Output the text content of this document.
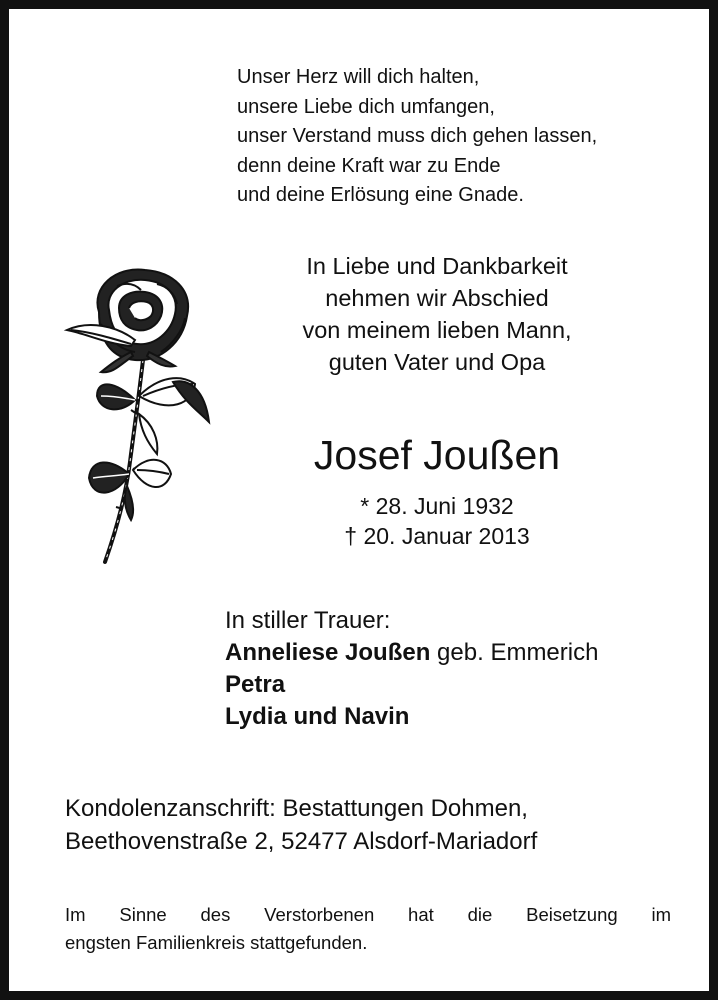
Unser Herz will dich halten,
unsere Liebe dich umfangen,
unser Verstand muss dich gehen lassen,
denn deine Kraft war zu Ende
und deine Erlösung eine Gnade.
In Liebe und Dankbarkeit
nehmen wir Abschied
von meinem lieben Mann,
guten Vater und Opa
Josef Joußen
* 28. Juni 1932
† 20. Januar 2013
In stiller Trauer:
Anneliese Joußen geb. Emmerich
Petra
Lydia und Navin
Kondolenzanschrift: Bestattungen Dohmen,
Beethovenstraße 2, 52477 Alsdorf-Mariadorf
Im Sinne des Verstorbenen hat die Beisetzung im
engsten Familienkreis stattgefunden.
